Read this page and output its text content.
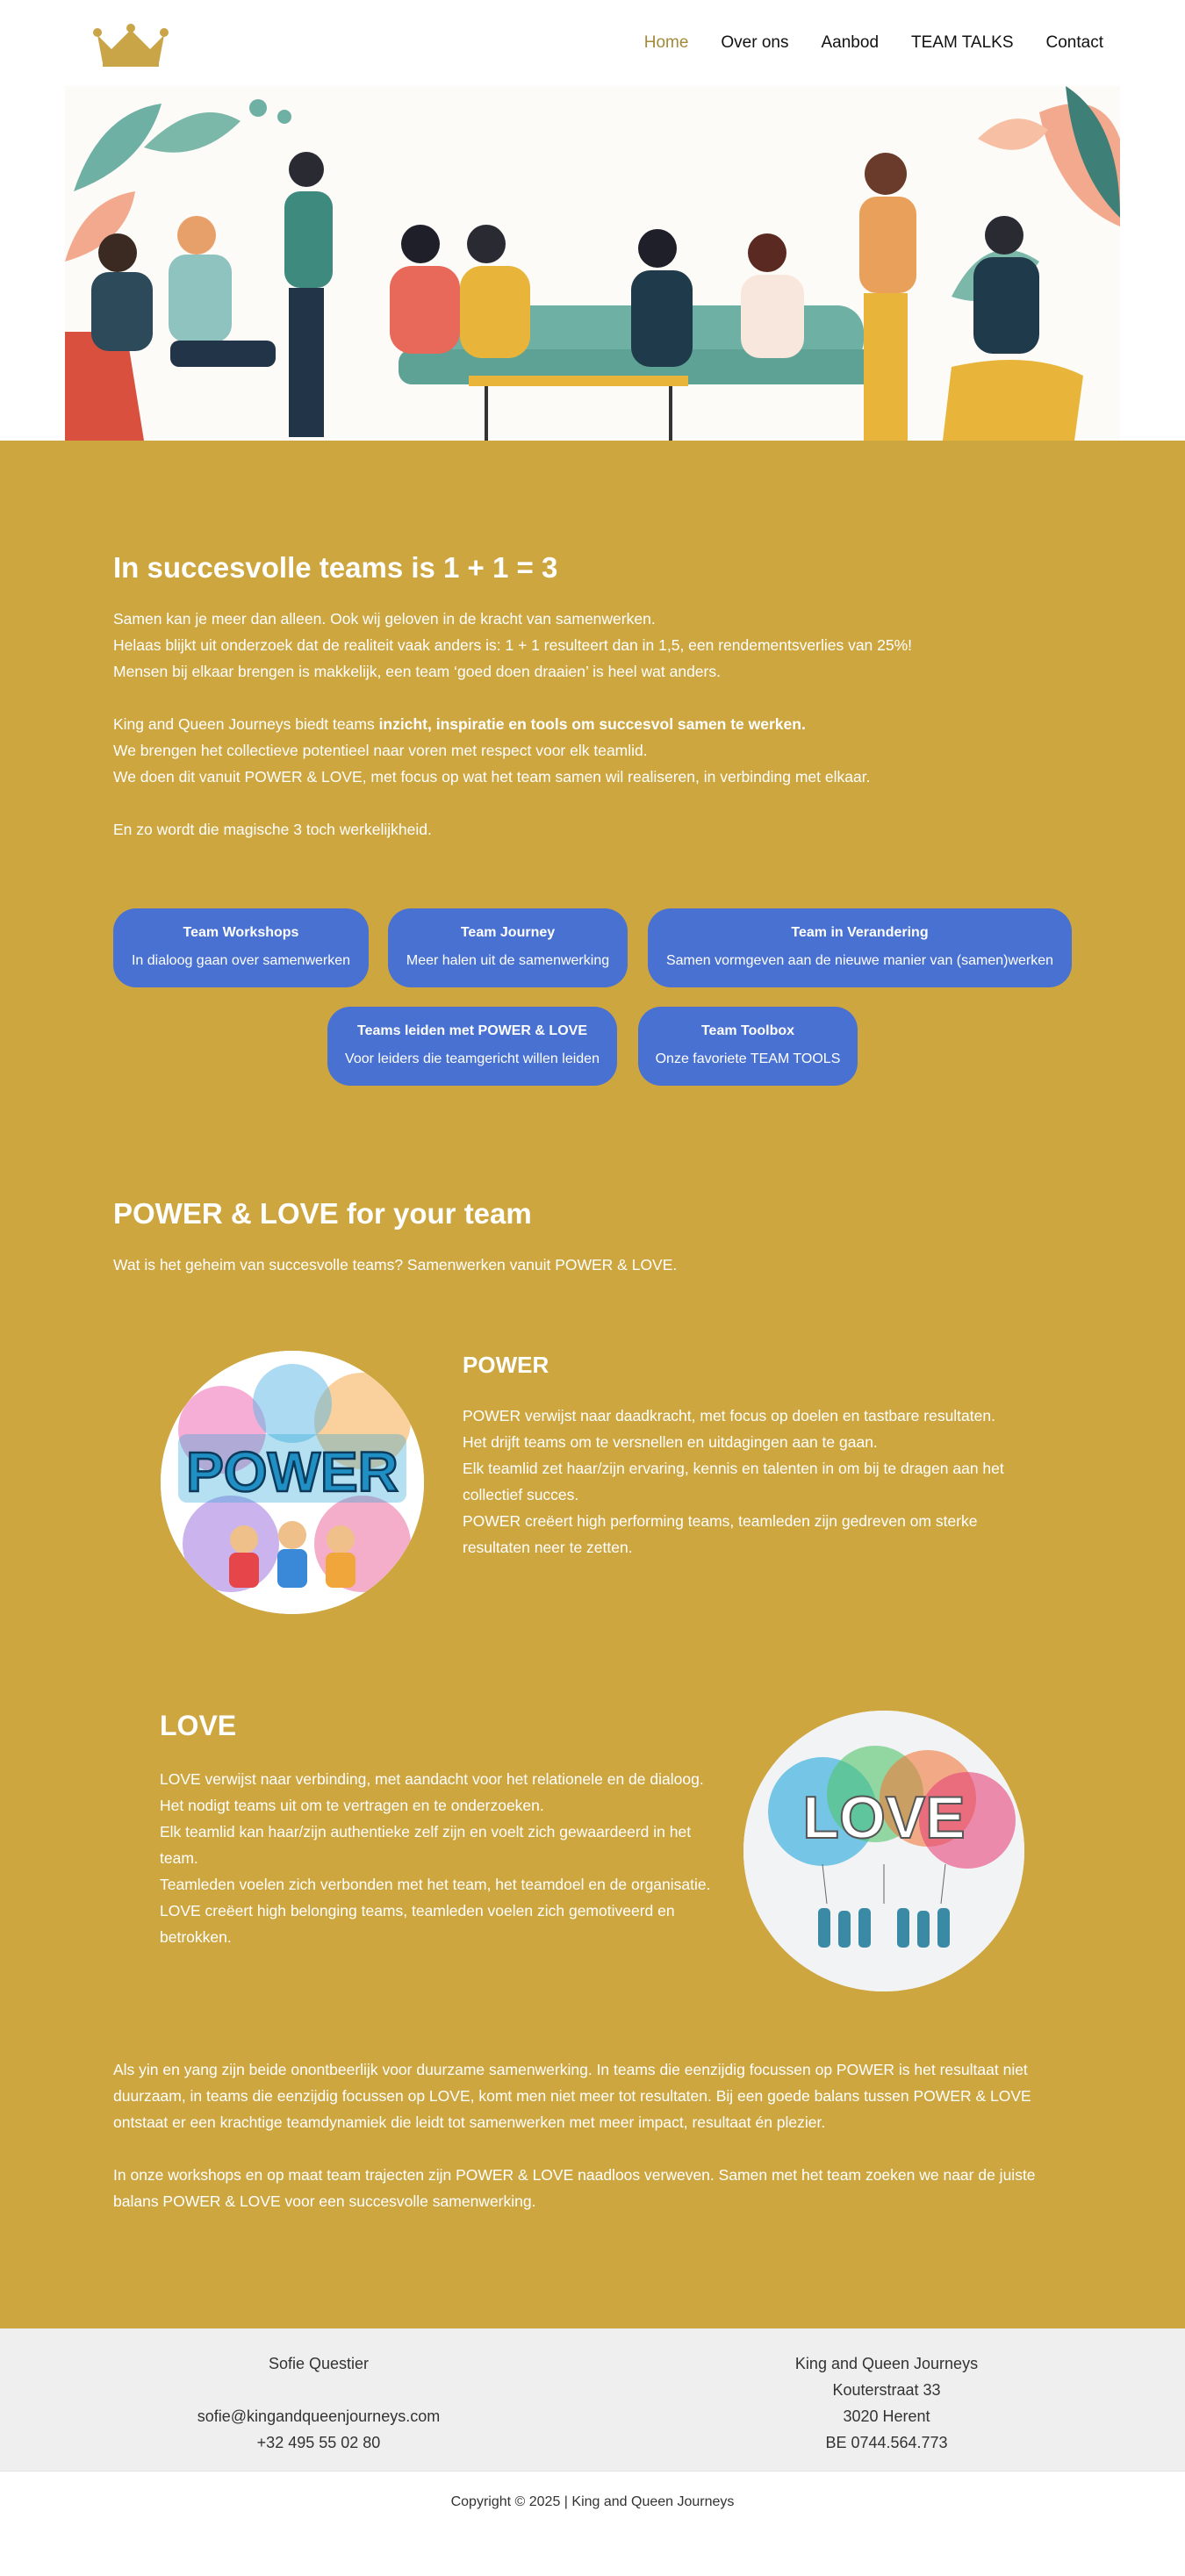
Home Over ons Aanbod TEAM TALKS Contact
In succesvolle teams is 1 + 1 = 3

Samen kan je meer dan alleen. Ook wij geloven in de kracht van samenwerken.

Helaas blijkt uit onderzoek dat de realiteit vaak anders is: 1 + 1 resulteert dan in 1,5, een rendementsverlies van 25%!

Mensen bij elkaar brengen is makkelijk, een team ‘goed doen draaien’ is heel wat anders.

King and Queen Journeys biedt teams inzicht, inspiratie en tools om succesvol samen te werken.

We brengen het collectieve potentieel naar voren met respect voor elk teamlid.

We doen dit vanuit POWER & LOVE, met focus op wat het team samen wil realiseren, in verbinding met elkaar.

En zo wordt die magische 3 toch werkelijkheid.

Team Workshops
In dialoog gaan over samenwerken
Team Journey
Meer halen uit de samenwerking
Team in Verandering
Samen vormgeven aan de nieuwe manier van (samen)werken
Teams leiden met POWER & LOVE
Voor leiders die teamgericht willen leiden
Team Toolbox
Onze favoriete TEAM TOOLS
POWER & LOVE for your team

Wat is het geheim van succesvolle teams? Samenwerken vanuit POWER & LOVE.

POWER
POWER

POWER verwijst naar daadkracht, met focus op doelen en tastbare resultaten.

Het drijft teams om te versnellen en uitdagingen aan te gaan.

Elk teamlid zet haar/zijn ervaring, kennis en talenten in om bij te dragen aan het collectief succes.

POWER creëert high performing teams, teamleden zijn gedreven om sterke resultaten neer te zetten.

LOVE

LOVE verwijst naar verbinding, met aandacht voor het relationele en de dialoog.

Het nodigt teams uit om te vertragen en te onderzoeken.

Elk teamlid kan haar/zijn authentieke zelf zijn en voelt zich gewaardeerd in het team.

Teamleden voelen zich verbonden met het team, het teamdoel en de organisatie.

LOVE creëert high belonging teams, teamleden voelen zich gemotiveerd en betrokken.

LOVE

Als yin en yang zijn beide onontbeerlijk voor duurzame samenwerking. In teams die eenzijdig focussen op POWER is het resultaat niet duurzaam, in teams die eenzijdig focussen op LOVE, komt men niet meer tot resultaten. Bij een goede balans tussen POWER & LOVE ontstaat er een krachtige teamdynamiek die leidt tot samenwerken met meer impact, resultaat én plezier.

In onze workshops en op maat team trajecten zijn POWER & LOVE naadloos verweven. Samen met het team zoeken we naar de juiste balans POWER & LOVE voor een succesvolle samenwerking.

Sofie Questier
sofie@kingandqueenjourneys.com
+32 495 55 02 80
King and Queen Journeys
Kouterstraat 33
3020 Herent
BE 0744.564.773
Copyright © 2025 | King and Queen Journeys
